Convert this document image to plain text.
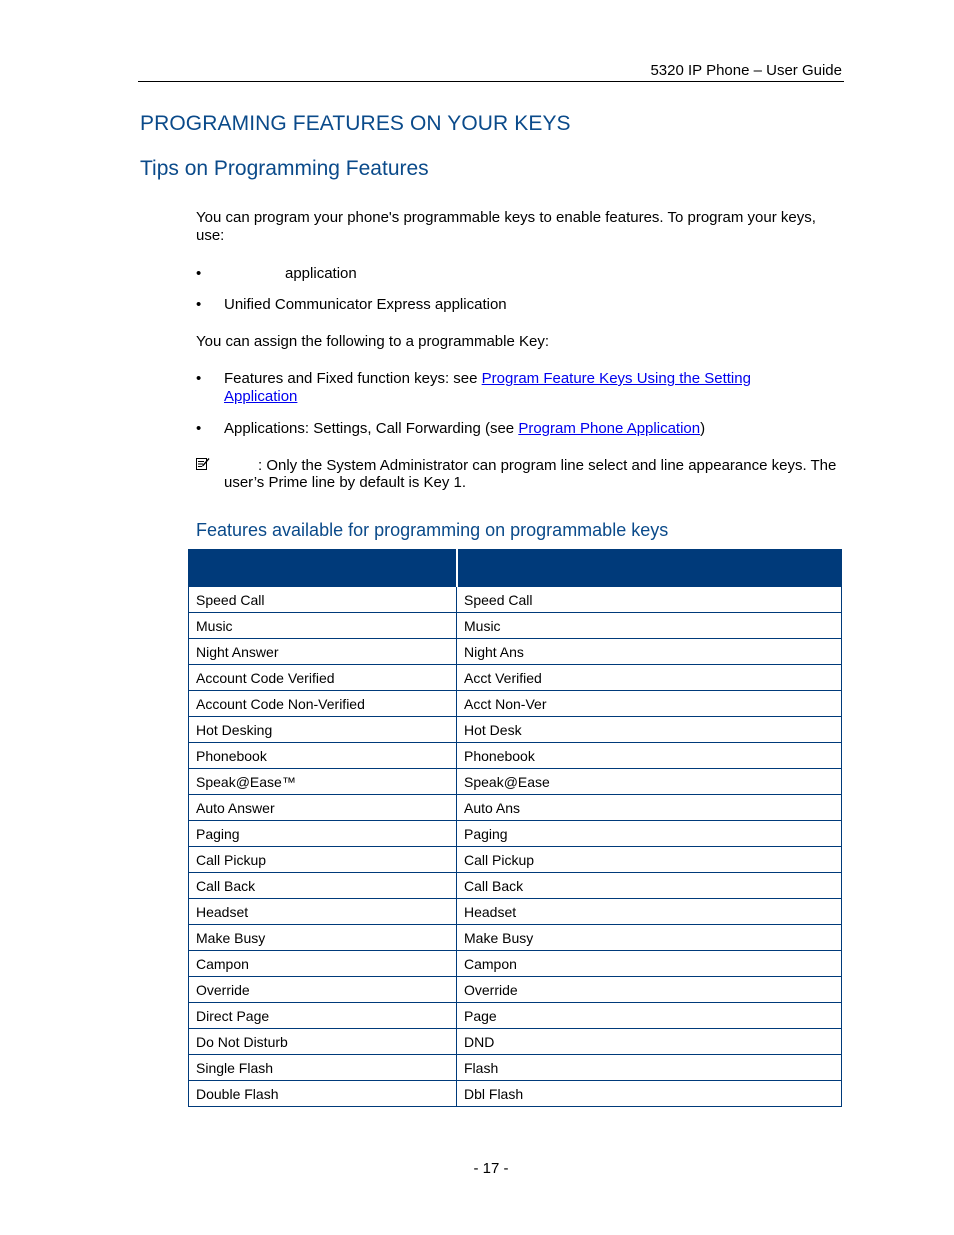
5320 IP Phone – User Guide
PROGRAMING FEATURES ON YOUR KEYS
Tips on Programming Features
You can program your phone's programmable keys to enable features. To program your keys, use:
•	application
• Unified Communicator Express application
You can assign the following to a programmable Key:
• Features and Fixed function keys: see Program Feature Keys Using the Setting Application
• Applications: Settings, Call Forwarding (see Program Phone Application)
: Only the System Administrator can program line select and line appearance keys. The user’s Prime line by default is Key 1.
Features available for programming on programmable keys

Speed Call	Speed Call
Music	Music
Night Answer	Night Ans
Account Code Verified	Acct Verified
Account Code Non-Verified	Acct Non-Ver
Hot Desking	Hot Desk
Phonebook	Phonebook
Speak@Ease™	Speak@Ease
Auto Answer	Auto Ans
Paging	Paging
Call Pickup	Call Pickup
Call Back	Call Back
Headset	Headset
Make Busy	Make Busy
Campon	Campon
Override	Override
Direct Page	Page
Do Not Disturb	DND
Single Flash	Flash
Double Flash	Dbl Flash
- 17 -
